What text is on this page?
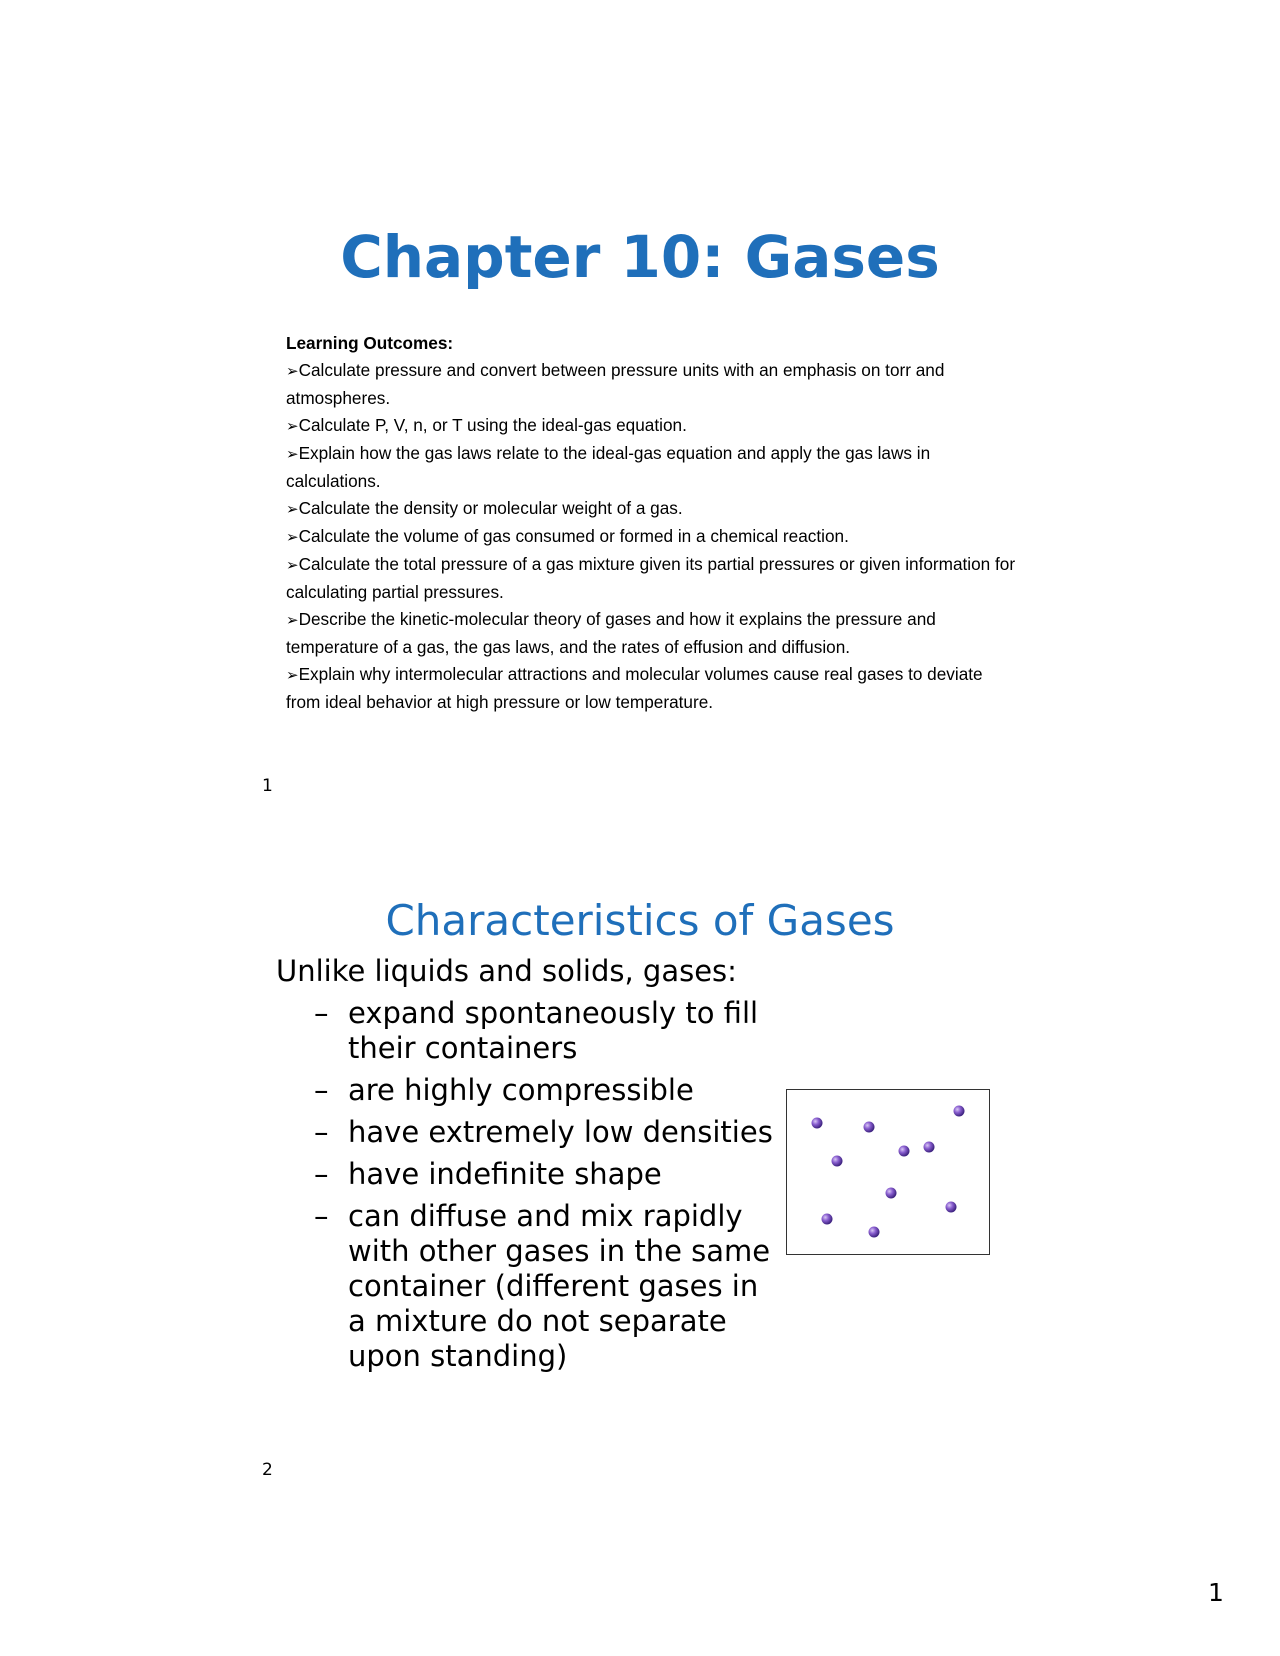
Chapter 10: Gases
Learning Outcomes:
➢Calculate pressure and convert between pressure units with an emphasis on torr and atmospheres.
➢Calculate P, V, n, or T using the ideal-gas equation.
➢Explain how the gas laws relate to the ideal-gas equation and apply the gas laws in calculations.
➢Calculate the density or molecular weight of a gas.
➢Calculate the volume of gas consumed or formed in a chemical reaction.
➢Calculate the total pressure of a gas mixture given its partial pressures or given information for calculating partial pressures.
➢Describe the kinetic-molecular theory of gases and how it explains the pressure and temperature of a gas, the gas laws, and the rates of effusion and diffusion.
➢Explain why intermolecular attractions and molecular volumes cause real gases to deviate from ideal behavior at high pressure or low temperature.
1
Characteristics of Gases
Unlike liquids and solids, gases:
– expand spontaneously to fill their containers
– are highly compressible
– have extremely low densities
– have indefinite shape
– can diffuse and mix rapidly with other gases in the same container (different gases in a mixture do not separate upon standing)
2
1
